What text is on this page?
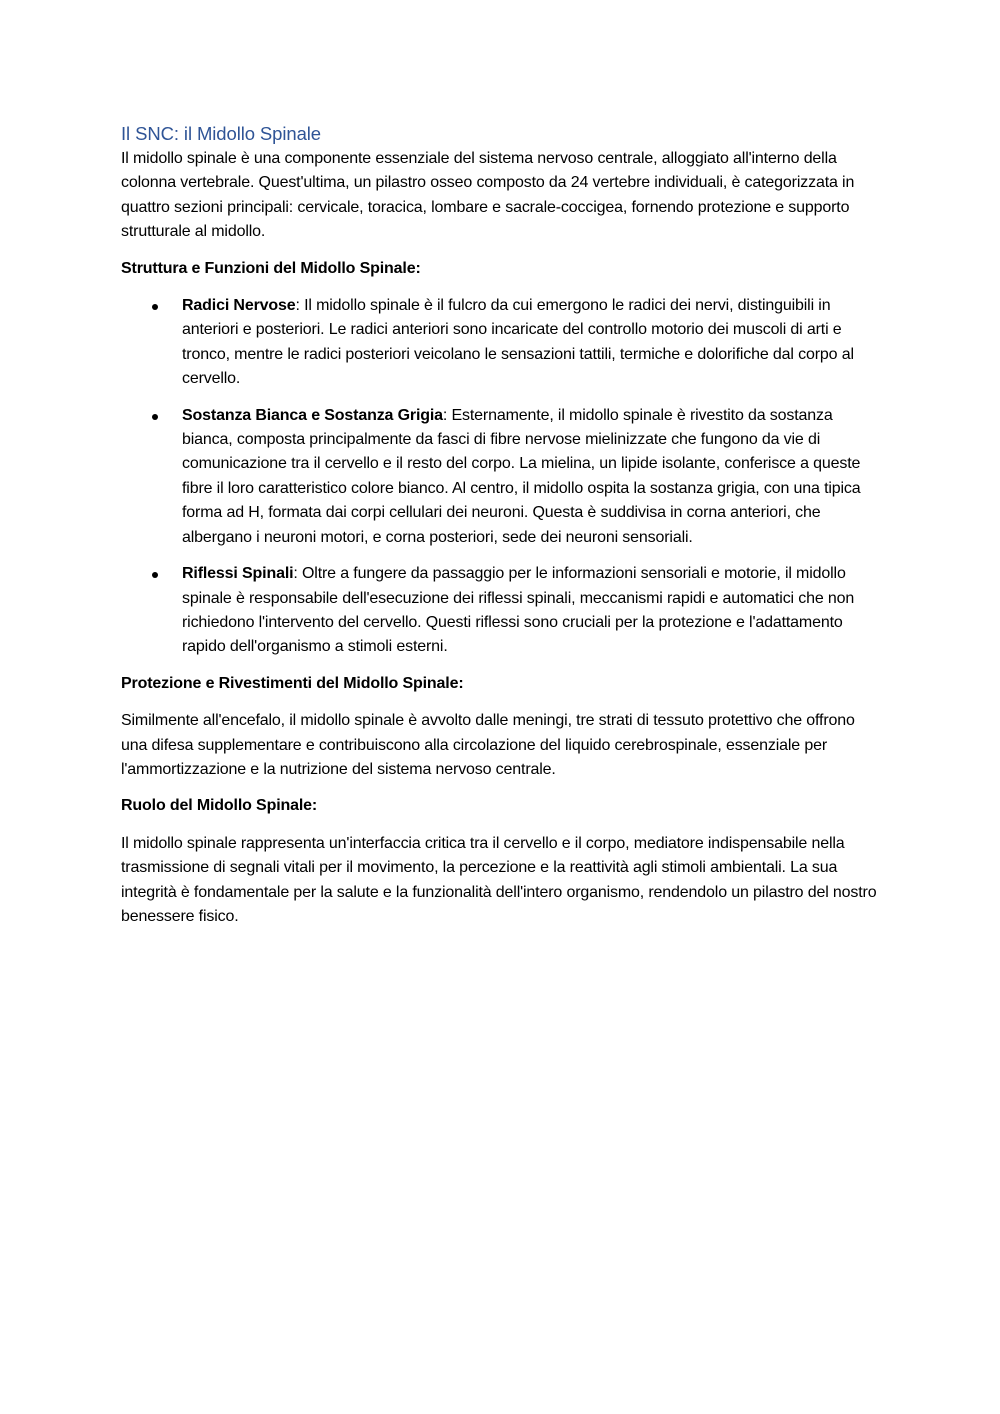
Il SNC: il Midollo Spinale

Il midollo spinale è una componente essenziale del sistema nervoso centrale, alloggiato all'interno della colonna vertebrale. Quest'ultima, un pilastro osseo composto da 24 vertebre individuali, è categorizzata in quattro sezioni principali: cervicale, toracica, lombare e sacrale-coccigea, fornendo protezione e supporto strutturale al midollo.

Struttura e Funzioni del Midollo Spinale:

Radici Nervose: Il midollo spinale è il fulcro da cui emergono le radici dei nervi, distinguibili in anteriori e posteriori. Le radici anteriori sono incaricate del controllo motorio dei muscoli di arti e tronco, mentre le radici posteriori veicolano le sensazioni tattili, termiche e dolorifiche dal corpo al cervello.
Sostanza Bianca e Sostanza Grigia: Esternamente, il midollo spinale è rivestito da sostanza bianca, composta principalmente da fasci di fibre nervose mielinizzate che fungono da vie di comunicazione tra il cervello e il resto del corpo. La mielina, un lipide isolante, conferisce a queste fibre il loro caratteristico colore bianco. Al centro, il midollo ospita la sostanza grigia, con una tipica forma ad H, formata dai corpi cellulari dei neuroni. Questa è suddivisa in corna anteriori, che albergano i neuroni motori, e corna posteriori, sede dei neuroni sensoriali.
Riflessi Spinali: Oltre a fungere da passaggio per le informazioni sensoriali e motorie, il midollo spinale è responsabile dell'esecuzione dei riflessi spinali, meccanismi rapidi e automatici che non richiedono l'intervento del cervello. Questi riflessi sono cruciali per la protezione e l'adattamento rapido dell'organismo a stimoli esterni.

Protezione e Rivestimenti del Midollo Spinale:

Similmente all'encefalo, il midollo spinale è avvolto dalle meningi, tre strati di tessuto protettivo che offrono una difesa supplementare e contribuiscono alla circolazione del liquido cerebrospinale, essenziale per l'ammortizzazione e la nutrizione del sistema nervoso centrale.

Ruolo del Midollo Spinale:

Il midollo spinale rappresenta un'interfaccia critica tra il cervello e il corpo, mediatore indispensabile nella trasmissione di segnali vitali per il movimento, la percezione e la reattività agli stimoli ambientali. La sua integrità è fondamentale per la salute e la funzionalità dell'intero organismo, rendendolo un pilastro del nostro benessere fisico.
